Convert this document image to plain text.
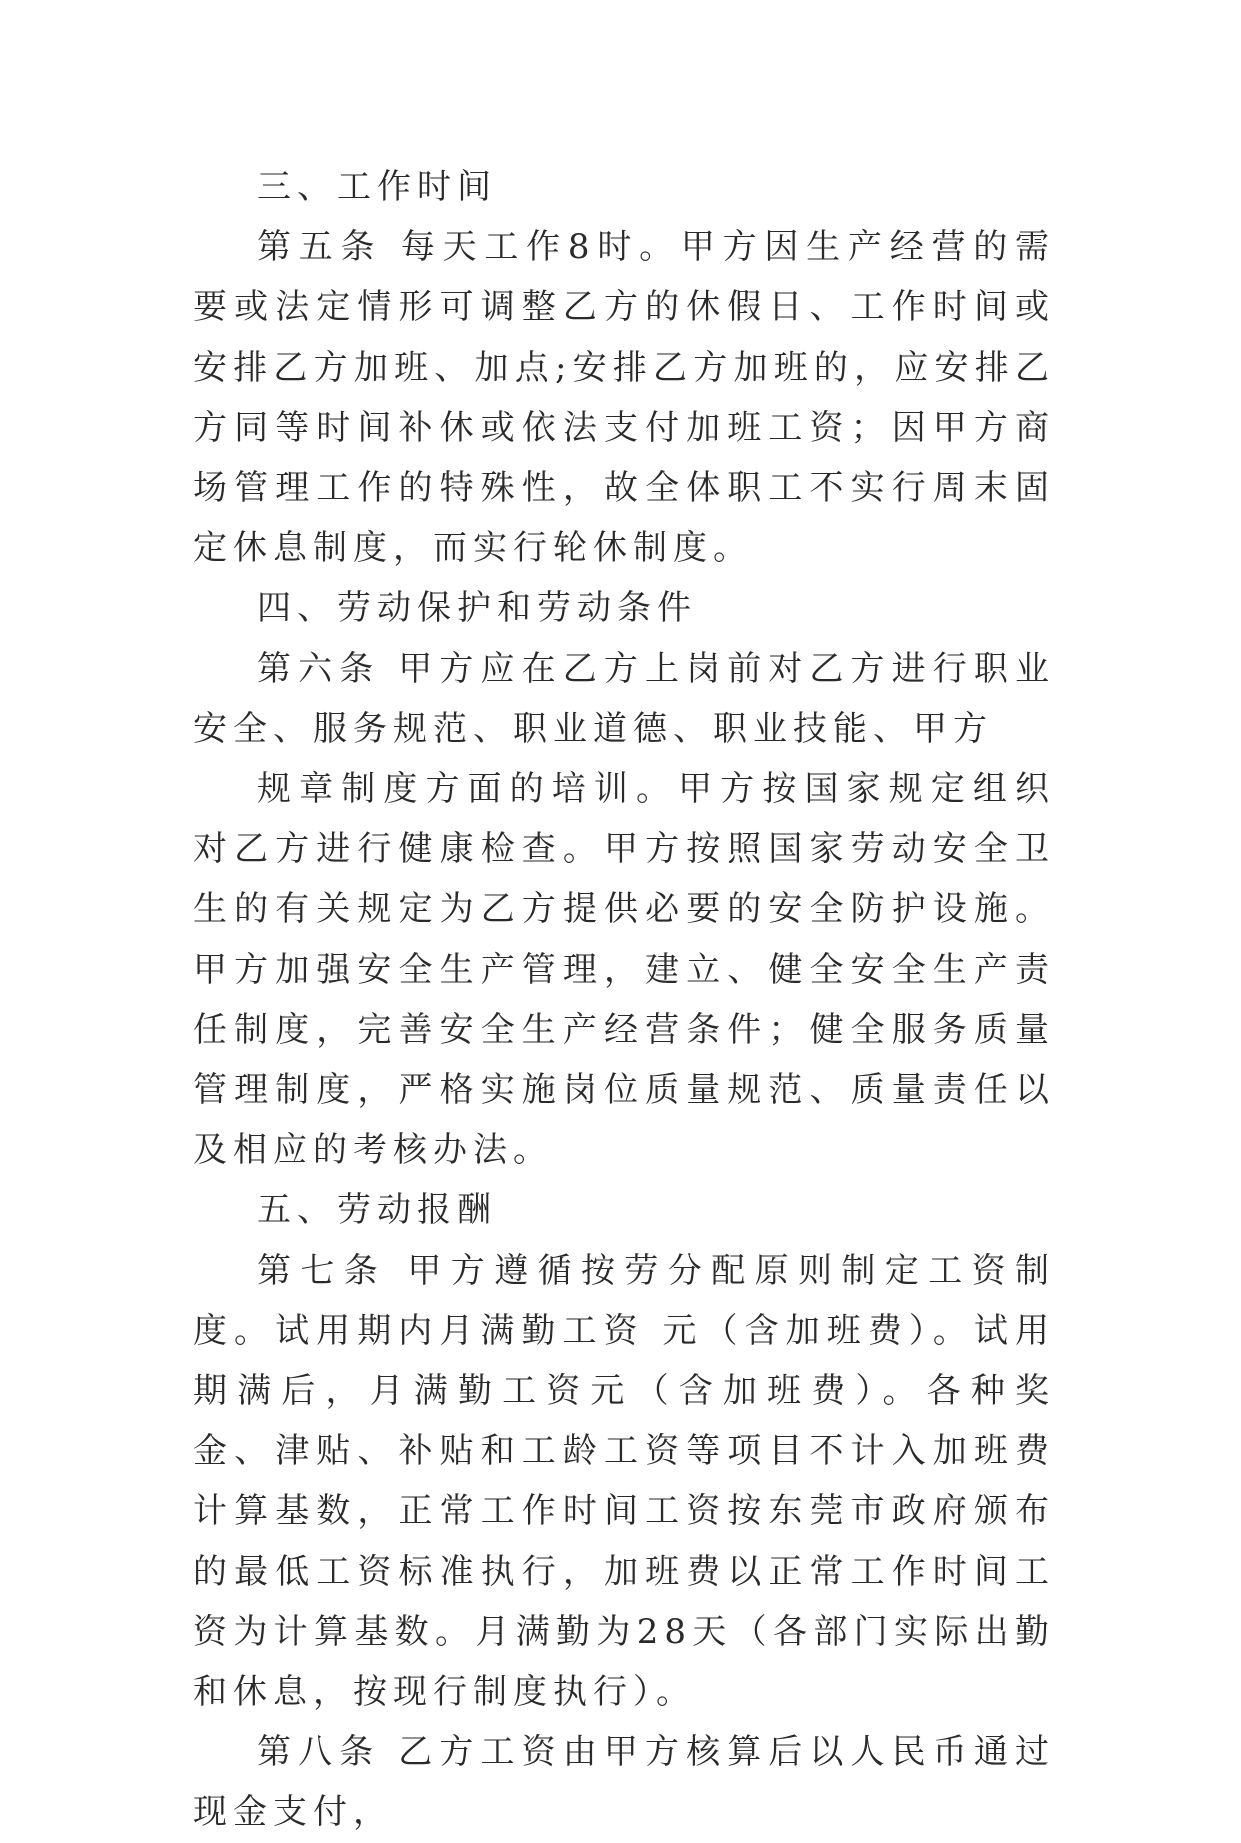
三、工作时间

第五条 每天工作8时。甲方因生产经营的需要或法定情形可调整乙方的休假日、工作时间或安排乙方加班、加点;安排乙方加班的，应安排乙方同等时间补休或依法支付加班工资；因甲方商场管理工作的特殊性，故全体职工不实行周末固定休息制度，而实行轮休制度。

四、劳动保护和劳动条件

第六条 甲方应在乙方上岗前对乙方进行职业安全、服务规范、职业道德、职业技能、甲方

规章制度方面的培训。甲方按国家规定组织对乙方进行健康检查。甲方按照国家劳动安全卫生的有关规定为乙方提供必要的安全防护设施。甲方加强安全生产管理，建立、健全安全生产责任制度，完善安全生产经营条件；健全服务质量管理制度，严格实施岗位质量规范、质量责任以及相应的考核办法。

五、劳动报酬

第七条 甲方遵循按劳分配原则制定工资制度。试用期内月满勤工资 元（含加班费）。试用期满后，月满勤工资元（含加班费）。各种奖金、津贴、补贴和工龄工资等项目不计入加班费计算基数，正常工作时间工资按东莞市政府颁布的最低工资标准执行，加班费以正常工作时间工资为计算基数。月满勤为28天（各部门实际出勤和休息，按现行制度执行）。

第八条 乙方工资由甲方核算后以人民币通过现金支付，
